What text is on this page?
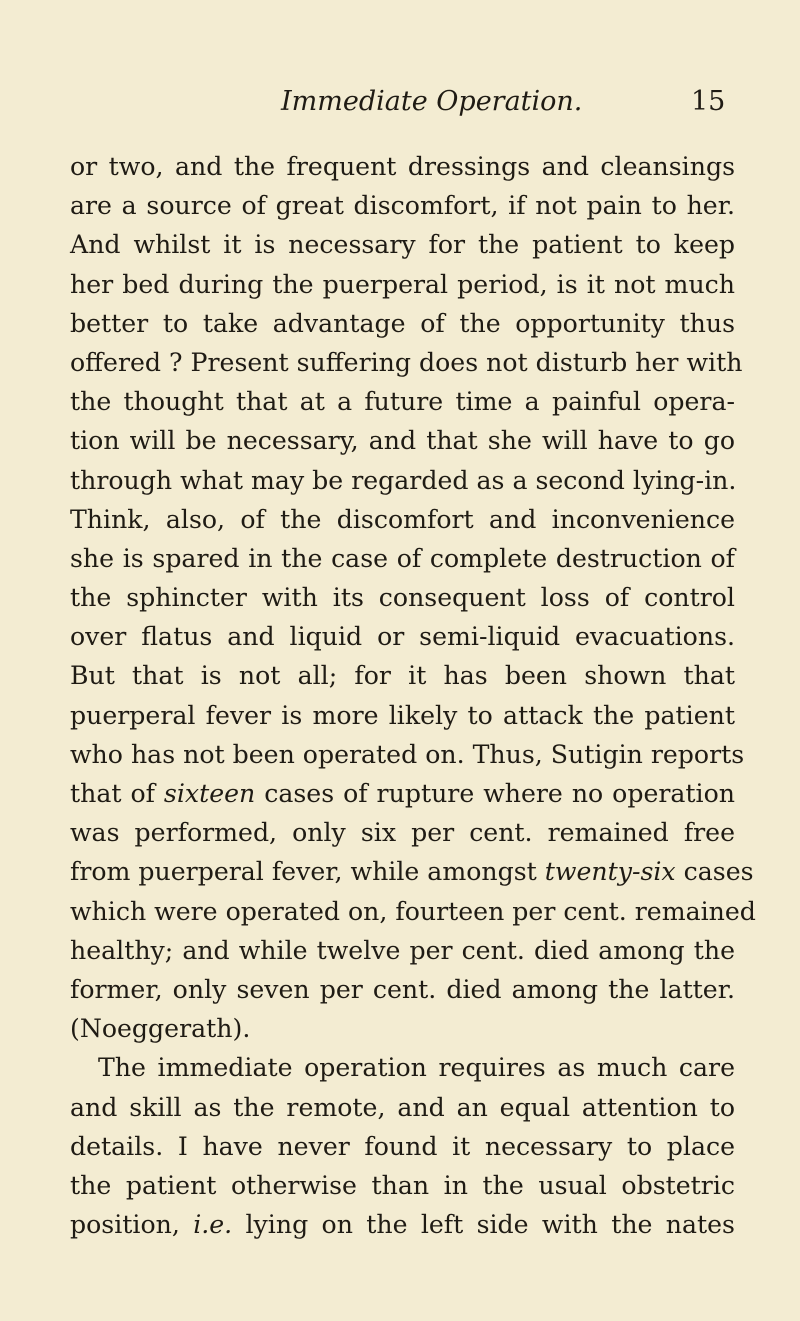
Immediate Operation.	15
or two, and the frequent dressings and cleansings
are a source of great discomfort, if not pain to her.
And whilst it is necessary for the patient to keep
her bed during the puerperal period, is it not much
better to take advantage of the opportunity thus
offered ? Present suffering does not disturb her with
the thought that at a future time a painful opera-
tion will be necessary, and that she will have to go
through what may be regarded as a second lying-in.
Think, also, of the discomfort and inconvenience
she is spared in the case of complete destruction of
the sphincter with its consequent loss of control
over flatus and liquid or semi-liquid evacuations.
But that is not all; for it has been shown that
puerperal fever is more likely to attack the patient
who has not been operated on. Thus, Sutigin reports
that of sixteen cases of rupture where no operation
was performed, only six per cent. remained free
from puerperal fever, while amongst twenty-six cases
which were operated on, fourteen per cent. remained
healthy; and while twelve per cent. died among the
former, only seven per cent. died among the latter.
(Noeggerath).
The immediate operation requires as much care
and skill as the remote, and an equal attention to
details. I have never found it necessary to place
the patient otherwise than in the usual obstetric
position, i.e. lying on the left side with the nates
